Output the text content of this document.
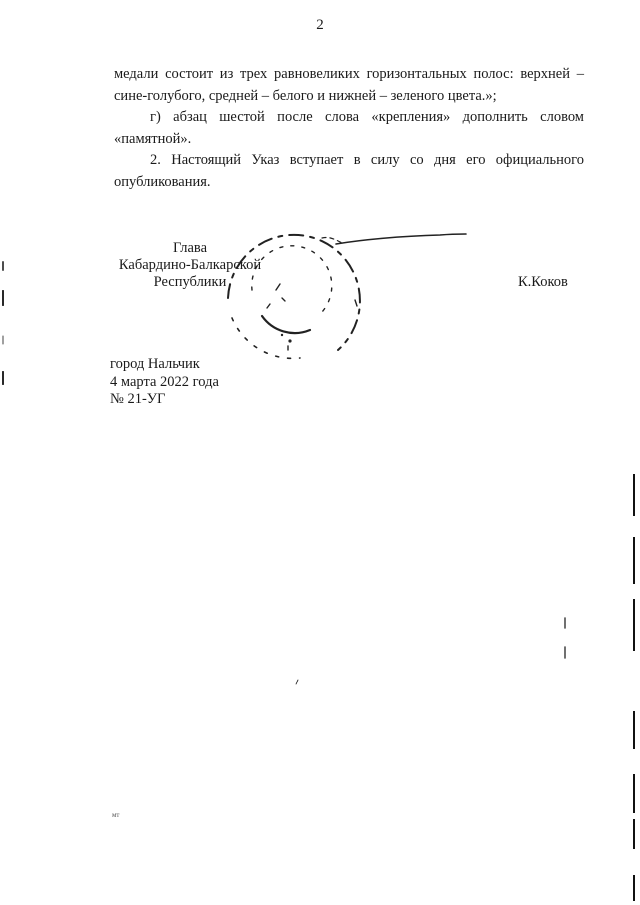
2

медали состоит из трех равновеликих горизонтальных полос: верхней – сине-голубого, средней – белого и нижней – зеленого цвета.»;

г) абзац шестой после слова «крепления» дополнить словом «памятной».

2. Настоящий Указ вступает в силу со дня его официального опубликования.

Глава
Кабардино-Балкарской
Республики	К.Коков
город Нальчик
4 марта 2022 года
№ 21-УГ
мт
